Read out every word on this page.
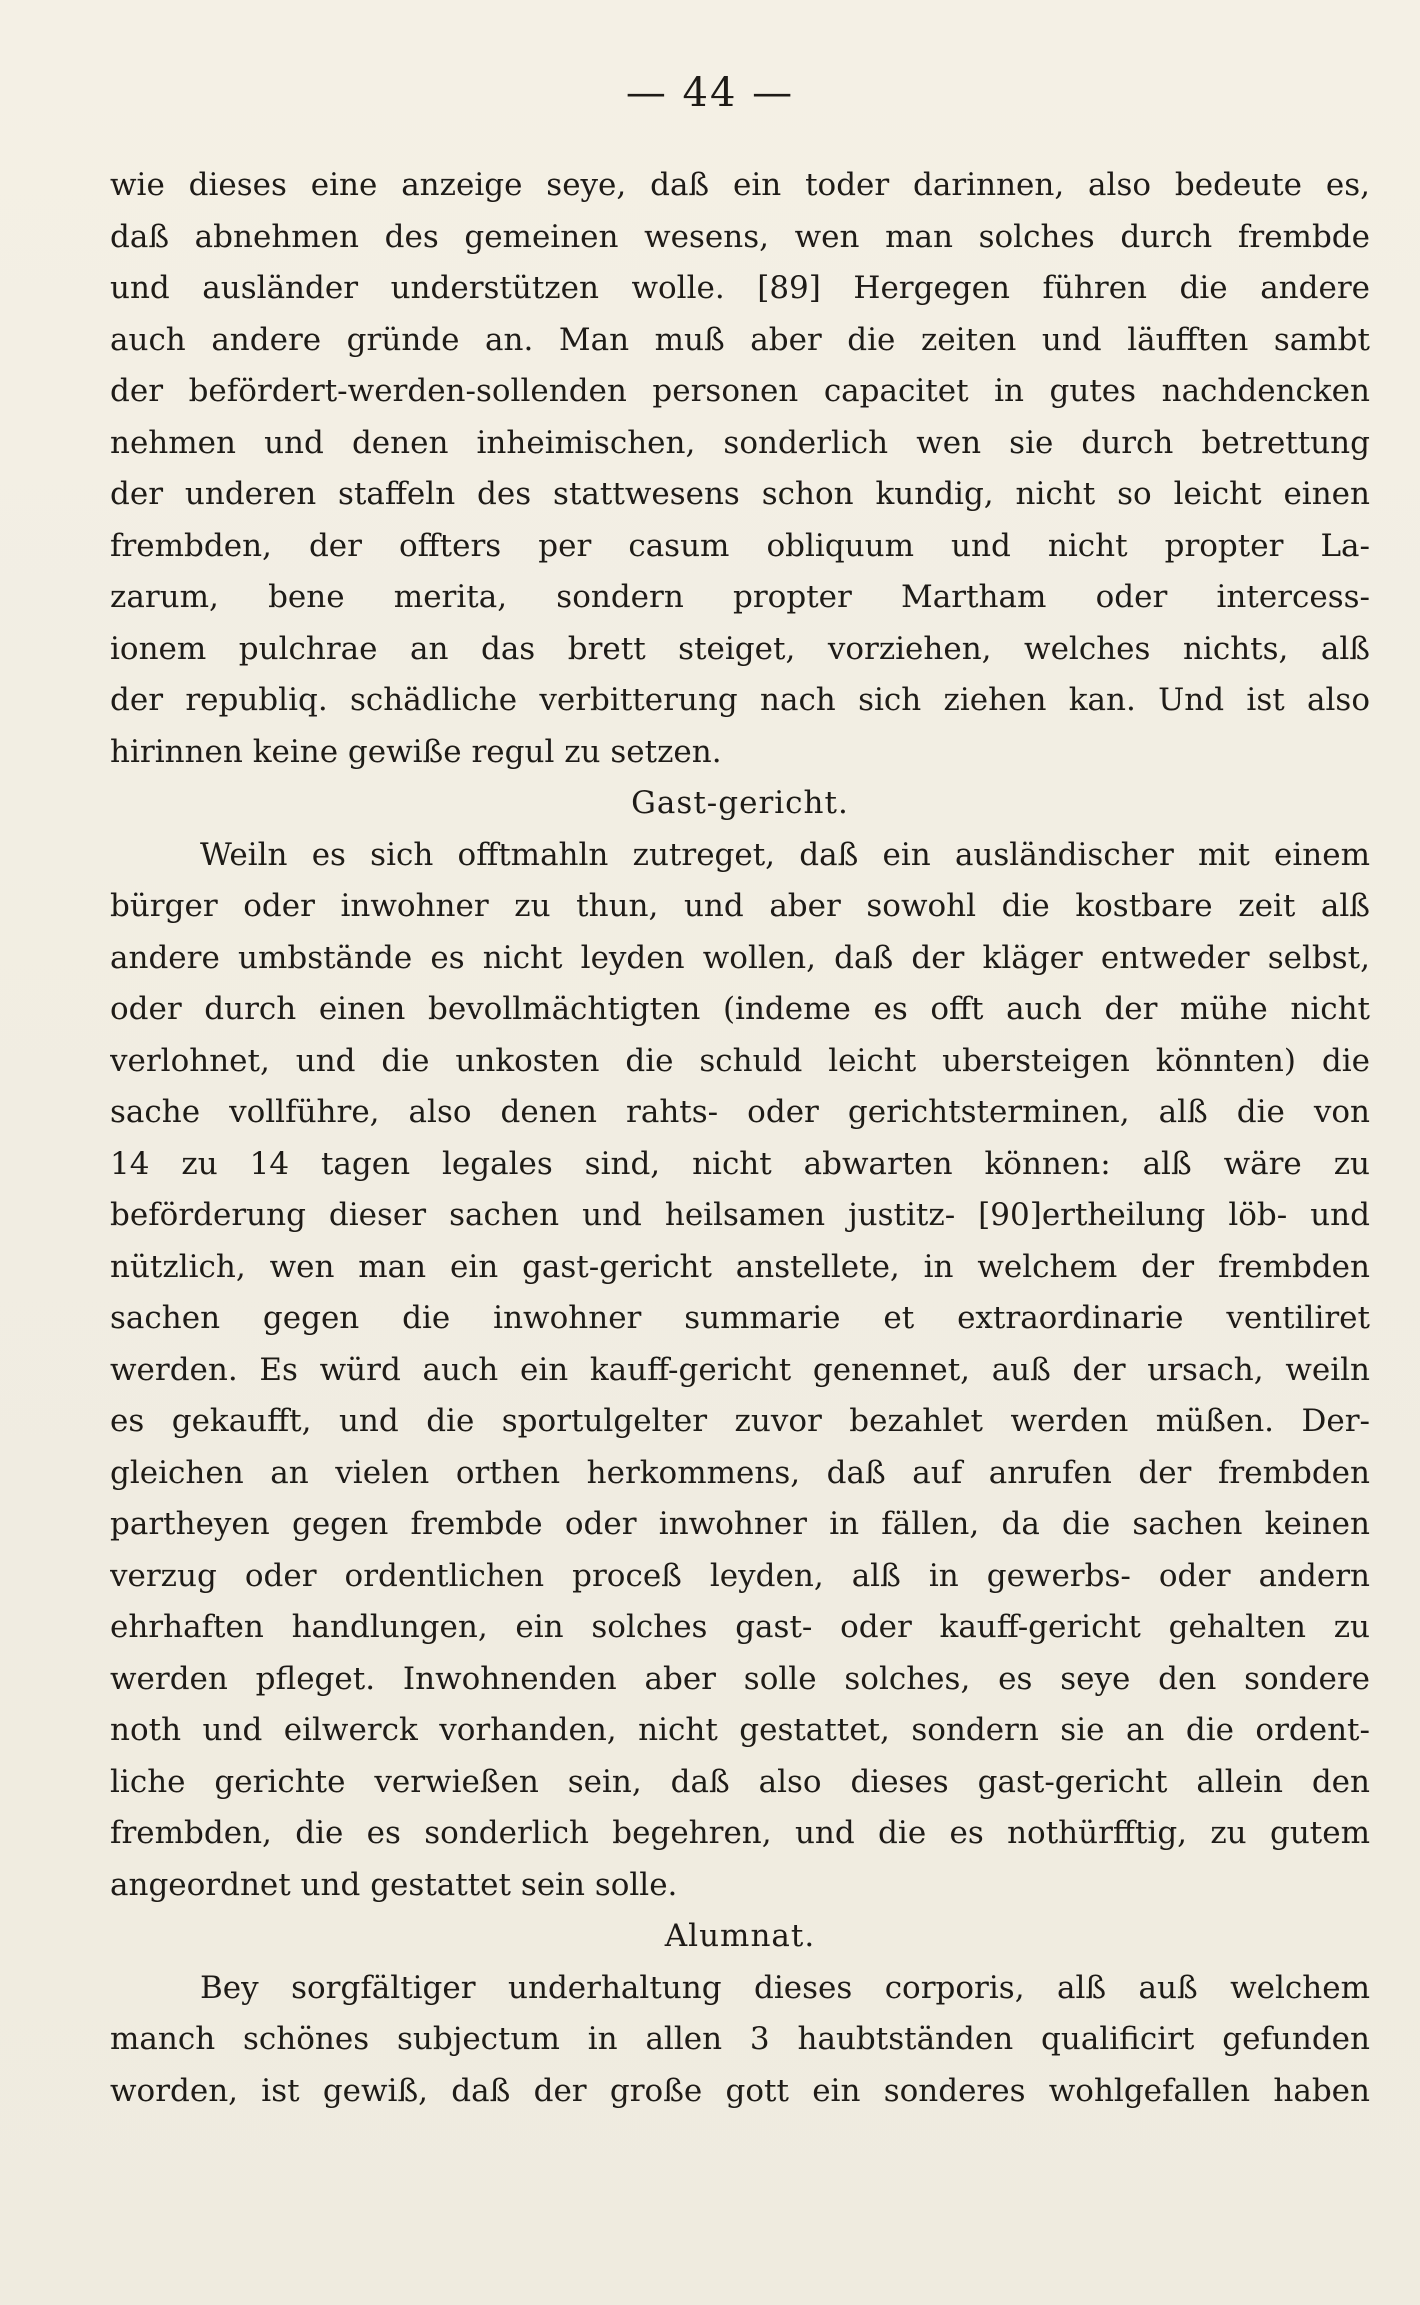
— 44 —
wie dieses eine anzeige seye, daß ein toder darinnen, also bedeute es,
daß abnehmen des gemeinen wesens, wen man solches durch frembde
und ausländer understützen wolle. [89] Hergegen führen die andere
auch andere gründe an. Man muß aber die zeiten und läufften sambt
der befördert-werden-sollenden personen capacitet in gutes nachdencken
nehmen und denen inheimischen, sonderlich wen sie durch betrettung
der underen staffeln des stattwesens schon kundig, nicht so leicht einen
frembden, der offters per casum obliquum und nicht propter La-
zarum, bene merita, sondern propter Martham oder intercess-
ionem pulchrae an das brett steiget, vorziehen, welches nichts, alß
der republiq. schädliche verbitterung nach sich ziehen kan. Und ist also
hirinnen keine gewiße regul zu setzen.
Gast-gericht.
Weiln es sich offtmahln zutreget, daß ein ausländischer mit einem
bürger oder inwohner zu thun, und aber sowohl die kostbare zeit alß
andere umbstände es nicht leyden wollen, daß der kläger entweder selbst,
oder durch einen bevollmächtigten (indeme es offt auch der mühe nicht
verlohnet, und die unkosten die schuld leicht ubersteigen könnten) die
sache vollführe, also denen rahts- oder gerichtsterminen, alß die von
14 zu 14 tagen legales sind, nicht abwarten können: alß wäre zu
beförderung dieser sachen und heilsamen justitz- [90]ertheilung löb- und
nützlich, wen man ein gast-gericht anstellete, in welchem der frembden
sachen gegen die inwohner summarie et extraordinarie ventiliret
werden. Es würd auch ein kauff-gericht genennet, auß der ursach, weiln
es gekaufft, und die sportulgelter zuvor bezahlet werden müßen. Der-
gleichen an vielen orthen herkommens, daß auf anrufen der frembden
partheyen gegen frembde oder inwohner in fällen, da die sachen keinen
verzug oder ordentlichen proceß leyden, alß in gewerbs- oder andern
ehrhaften handlungen, ein solches gast- oder kauff-gericht gehalten zu
werden pfleget. Inwohnenden aber solle solches, es seye den sondere
noth und eilwerck vorhanden, nicht gestattet, sondern sie an die ordent-
liche gerichte verwießen sein, daß also dieses gast-gericht allein den
frembden, die es sonderlich begehren, und die es nothürfftig, zu gutem
angeordnet und gestattet sein solle.
Alumnat.
Bey sorgfältiger underhaltung dieses corporis, alß auß welchem
manch schönes subjectum in allen 3 haubtständen qualificirt gefunden
worden, ist gewiß, daß der große gott ein sonderes wohlgefallen haben
